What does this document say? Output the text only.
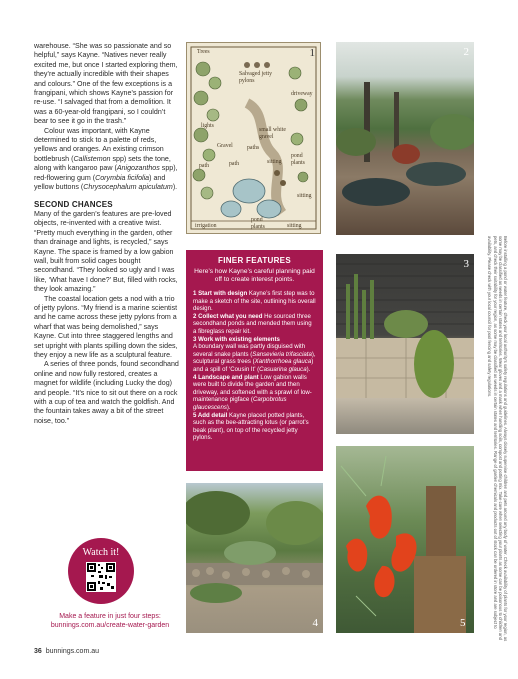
warehouse. “She was so passionate and so helpful,” says Kayne. “Natives never really excited me, but once I started exploring them, they’re actually incredible with their shapes and colours.” One of the few exceptions is a frangipani, which shows Kayne’s passion for re-use. “I salvaged that from a demolition. It was a 60-year-old frangipani, so I couldn’t bear to see it go in the trash.”

Colour was important, with Kayne determined to stick to a palette of reds, yellows and oranges. An existing crimson bottlebrush (Callistemon spp) sets the tone, along with kangaroo paw (Anigozanthos spp), red-flowering gum (Corymbia ficifolia) and yellow buttons (Chrysocephalum apiculatum).

SECOND CHANCES

Many of the garden’s features are pre-loved objects, re-invented with a creative twist. “Pretty much everything in the garden, other than drainage and lights, is recycled,” says Kayne. The space is framed by a low gabion wall, built from solid cages bought secondhand. “They looked so ugly and I was like, ‘What have I done?’ But, filled with rocks, they look amazing.”

The coastal location gets a nod with a trio of jetty pylons. “My friend is a marine scientist and he came across these jetty pylons from a wharf that was being demolished,” says Kayne. Cut into three staggered lengths and set upright with plants spilling down the sides, they enjoy a new life as a sculptural feature.

A series of three ponds, found secondhand online and now fully restored, creates a magnet for wildlife (including Lucky the dog) and people. “It’s nice to sit out there on a rock with a cup of tea and watch the goldfish. And the fountain takes away a bit of the street noise, too.”

Trees
Salvaged jetty pylons
driveway
lights
small white gravel
path
pond plants
sitting
path
irrigation
pond plants	sitting
Gravel paths
sitting
1	2
FINER FEATURES
Here’s how Kayne’s careful planning paid off to create interest points.
1 Start with design Kayne’s first step was to make a sketch of the site, outlining his overall design.
2 Collect what you need He sourced three secondhand ponds and mended them using a fibreglass repair kit.
3 Work with existing elements
A boundary wall was partly disguised with several snake plants (Sansevieria trifasciata), sculptural grass trees (Xanthorrhoea glauca) and a spill of ‘Cousin It’ (Casuarina glauca).
4 Landscape and plant Low gabion walls were built to divide the garden and then driveway, and softened with a sprawl of low-maintenance pigface (Carpobrotus glaucescens).
5 Add detail Kayne placed potted plants, such as the bee-attracting lotus (or parrot’s beak plant), on top of the recycled jetty pylons.
3
4	5
Watch it!
Make a feature in just four steps:
bunnings.com.au/create-water-garden
36 bunnings.com.au

Before installing a pond or water feature, check your local authority’s safety regulations and guidelines. Always closely supervise children and pets around any body of water. Check availability of plants for your region, as some may be classified as weeds in certain states and territories. Wear gloves and a mask when handling soils, compost and potting mix. Take care when selecting your plants as some can be poisonous to children and pets, and check their suitability for your region, as some may be classified as weeds in certain states and territories. Range of garden chemicals and products out of stock can be ordered in store and are subject to availability. Please check with your local council for pool fencing and safety regulations.
